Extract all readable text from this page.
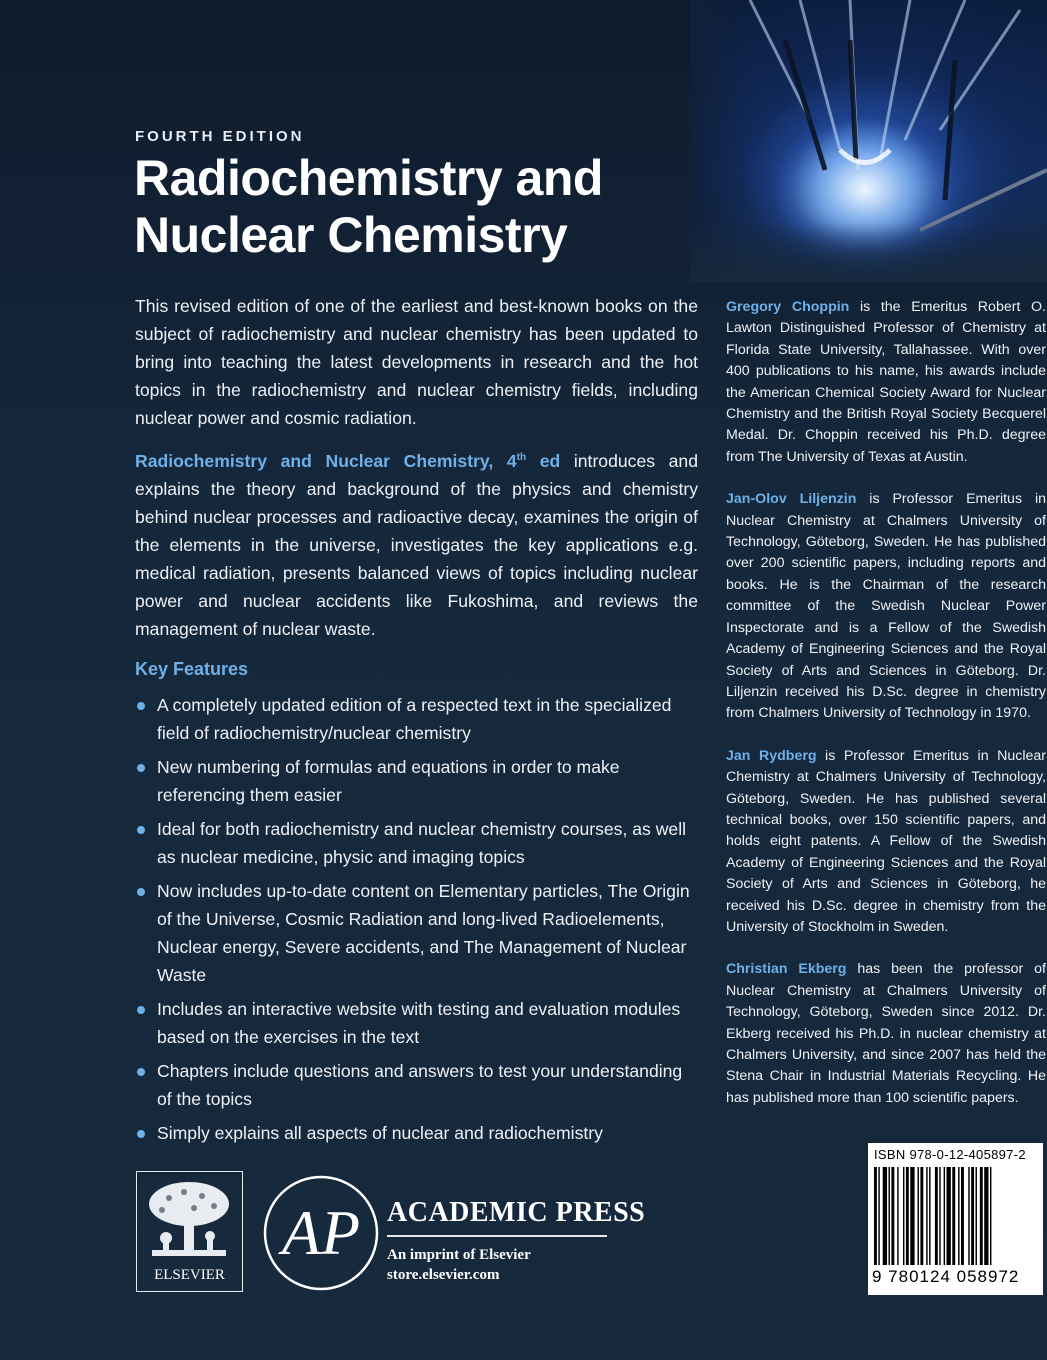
FOURTH EDITION
Radiochemistry and
Nuclear Chemistry

This revised edition of one of the earliest and best-known books on the subject of radiochemistry and nuclear chemistry has been updated to bring into teaching the latest developments in research and the hot topics in the radiochemistry and nuclear chemistry fields, including nuclear power and cosmic radiation.

Radiochemistry and Nuclear Chemistry, 4th ed introduces and explains the theory and background of the physics and chemistry behind nuclear processes and radioactive decay, examines the origin of the elements in the universe, investigates the key applications e.g. medical radiation, presents balanced views of topics including nuclear power and nuclear accidents like Fukoshima, and reviews the management of nuclear waste.

Key Features
A completely updated edition of a respected text in the specialized field of radiochemistry/nuclear chemistry
New numbering of formulas and equations in order to make referencing them easier
Ideal for both radiochemistry and nuclear chemistry courses, as well as nuclear medicine, physic and imaging topics
Now includes up-to-date content on Elementary particles, The Origin of the Universe, Cosmic Radiation and long-lived Radioelements, Nuclear energy, Severe accidents, and The Management of Nuclear Waste
Includes an interactive website with testing and evaluation modules based on the exercises in the text
Chapters include questions and answers to test your understanding of the topics
Simply explains all aspects of nuclear and radiochemistry

Gregory Choppin is the Emeritus Robert O. Lawton Distinguished Professor of Chemistry at Florida State University, Tallahassee. With over 400 publications to his name, his awards include the American Chemical Society Award for Nuclear Chemistry and the British Royal Society Becquerel Medal. Dr. Choppin received his Ph.D. degree from The University of Texas at Austin.

Jan-Olov Liljenzin is Professor Emeritus in Nuclear Chemistry at Chalmers University of Technology, Göteborg, Sweden. He has published over 200 scientific papers, including reports and books. He is the Chairman of the research committee of the Swedish Nuclear Power Inspectorate and is a Fellow of the Swedish Academy of Engineering Sciences and the Royal Society of Arts and Sciences in Göteborg. Dr. Liljenzin received his D.Sc. degree in chemistry from Chalmers University of Technology in 1970.

Jan Rydberg is Professor Emeritus in Nuclear Chemistry at Chalmers University of Technology, Göteborg, Sweden. He has published several technical books, over 150 scientific papers, and holds eight patents. A Fellow of the Swedish Academy of Engineering Sciences and the Royal Society of Arts and Sciences in Göteborg, he received his D.Sc. degree in chemistry from the University of Stockholm in Sweden.

Christian Ekberg has been the professor of Nuclear Chemistry at Chalmers University of Technology, Göteborg, Sweden since 2012. Dr. Ekberg received his Ph.D. in nuclear chemistry at Chalmers University, and since 2007 has held the Stena Chair in Industrial Materials Recycling. He has published more than 100 scientific papers.

ELSEVIER
AP ACADEMIC PRESS
An imprint of Elsevier
store.elsevier.com
ISBN 978-0-12-405897-2
9 780124 058972
